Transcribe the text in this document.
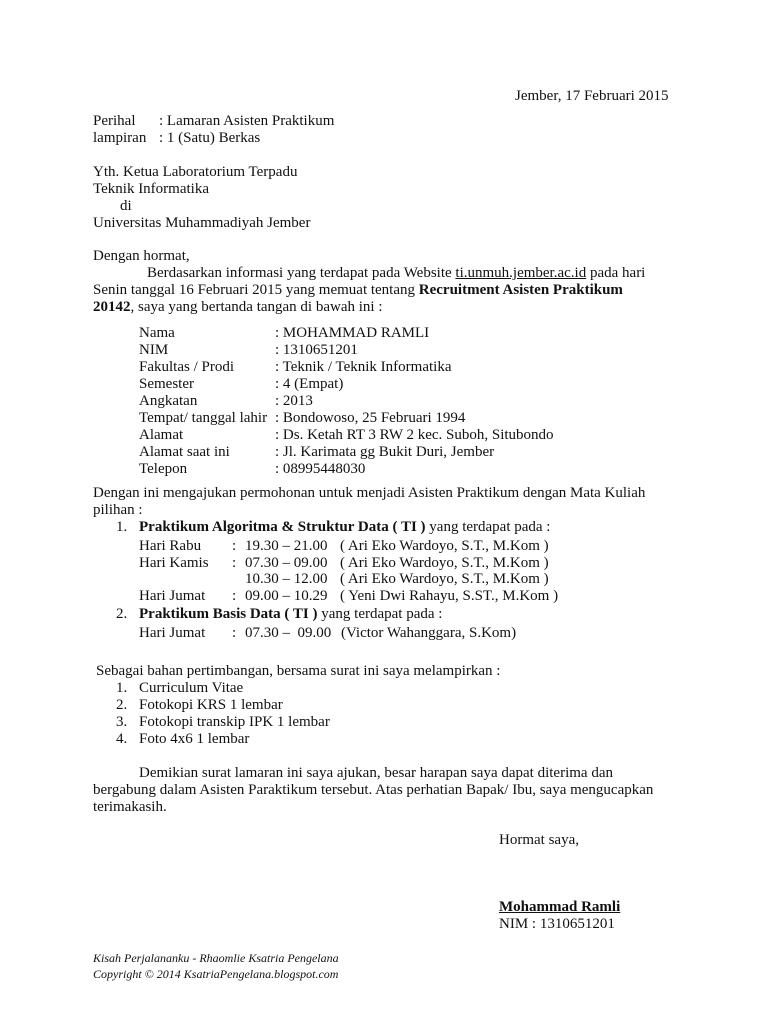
Jember, 17 Februari 2015
Perihal : Lamaran Asisten Praktikum
lampiran : 1 (Satu) Berkas
Yth. Ketua Laboratorium Terpadu
Teknik Informatika
di
Universitas Muhammadiyah Jember
Dengan hormat,
Berdasarkan informasi yang terdapat pada Website ti.unmuh.jember.ac.id pada hari
Senin tanggal 16 Februari 2015 yang memuat tentang Recruitment Asisten Praktikum
20142, saya yang bertanda tangan di bawah ini :
Nama	: MOHAMMAD RAMLI
NIM	: 1310651201
Fakultas / Prodi	: Teknik / Teknik Informatika
Semester	: 4 (Empat)
Angkatan	: 2013
Tempat/ tanggal lahir : Bondowoso, 25 Februari 1994
Alamat	: Ds. Ketah RT 3 RW 2 kec. Suboh, Situbondo
Alamat saat ini	: Jl. Karimata gg Bukit Duri, Jember
Telepon	: 08995448030
Dengan ini mengajukan permohonan untuk menjadi Asisten Praktikum dengan Mata Kuliah
pilihan :
1. Praktikum Algoritma & Struktur Data ( TI ) yang terdapat pada :
Hari Rabu : 19.30 – 21.00 ( Ari Eko Wardoyo, S.T., M.Kom )
Hari Kamis : 07.30 – 09.00 ( Ari Eko Wardoyo, S.T., M.Kom )
10.30 – 12.00 ( Ari Eko Wardoyo, S.T., M.Kom )
Hari Jumat : 09.00 – 10.29 ( Yeni Dwi Rahayu, S.ST., M.Kom )
2. Praktikum Basis Data ( TI ) yang terdapat pada :
Hari Jumat : 07.30 –  09.00 (Victor Wahanggara, S.Kom)
Sebagai bahan pertimbangan, bersama surat ini saya melampirkan :
1. Curriculum Vitae
2. Fotokopi KRS 1 lembar
3. Fotokopi transkip IPK 1 lembar
4. Foto 4x6 1 lembar
Demikian surat lamaran ini saya ajukan, besar harapan saya dapat diterima dan
bergabung dalam Asisten Paraktikum tersebut. Atas perhatian Bapak/ Ibu, saya mengucapkan
terimakasih.
Hormat saya,
Mohammad Ramli
NIM : 1310651201
Kisah Perjalananku - Rhaomlie Ksatria Pengelana
Copyright © 2014 KsatriaPengelana.blogspot.com
